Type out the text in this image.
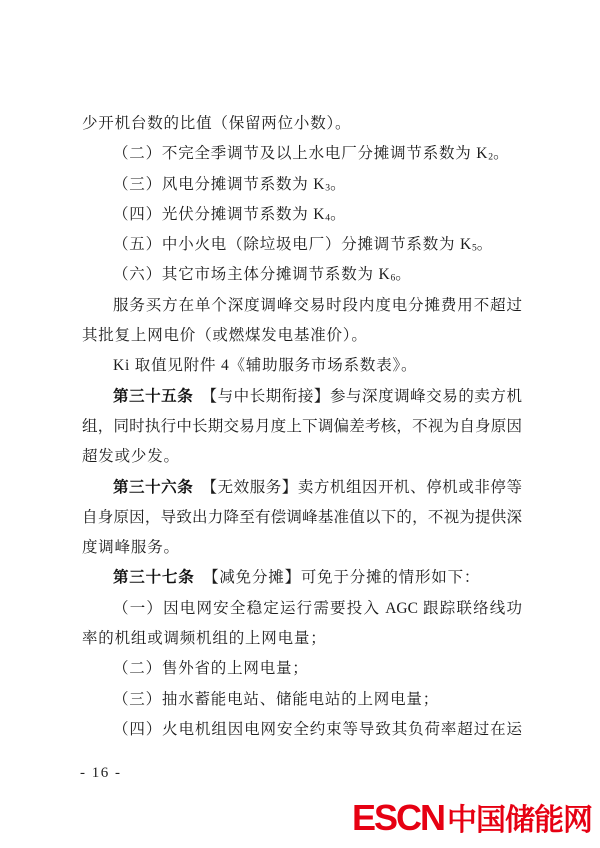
少开机台数的比值（保留两位小数）。
（二）不完全季调节及以上水电厂分摊调节系数为 K2。
（三）风电分摊调节系数为 K3。
（四）光伏分摊调节系数为 K4。
（五）中小火电（除垃圾电厂）分摊调节系数为 K5。
（六）其它市场主体分摊调节系数为 K6。
服务买方在单个深度调峰交易时段内度电分摊费用不超过
其批复上网电价（或燃煤发电基准价）。
Ki 取值见附件 4《辅助服务市场系数表》。
第三十五条　【与中长期衔接】参与深度调峰交易的卖方机
组，同时执行中长期交易月度上下调偏差考核，不视为自身原因
超发或少发。
第三十六条　【无效服务】卖方机组因开机、停机或非停等
自身原因，导致出力降至有偿调峰基准值以下的，不视为提供深
度调峰服务。
第三十七条　【减免分摊】可免于分摊的情形如下：
（一）因电网安全稳定运行需要投入 AGC 跟踪联络线功
率的机组或调频机组的上网电量；
（二）售外省的上网电量；
（三）抽水蓄能电站、储能电站的上网电量；
（四）火电机组因电网安全约束等导致其负荷率超过在运
- 16 -
ESCN 中国储能网
